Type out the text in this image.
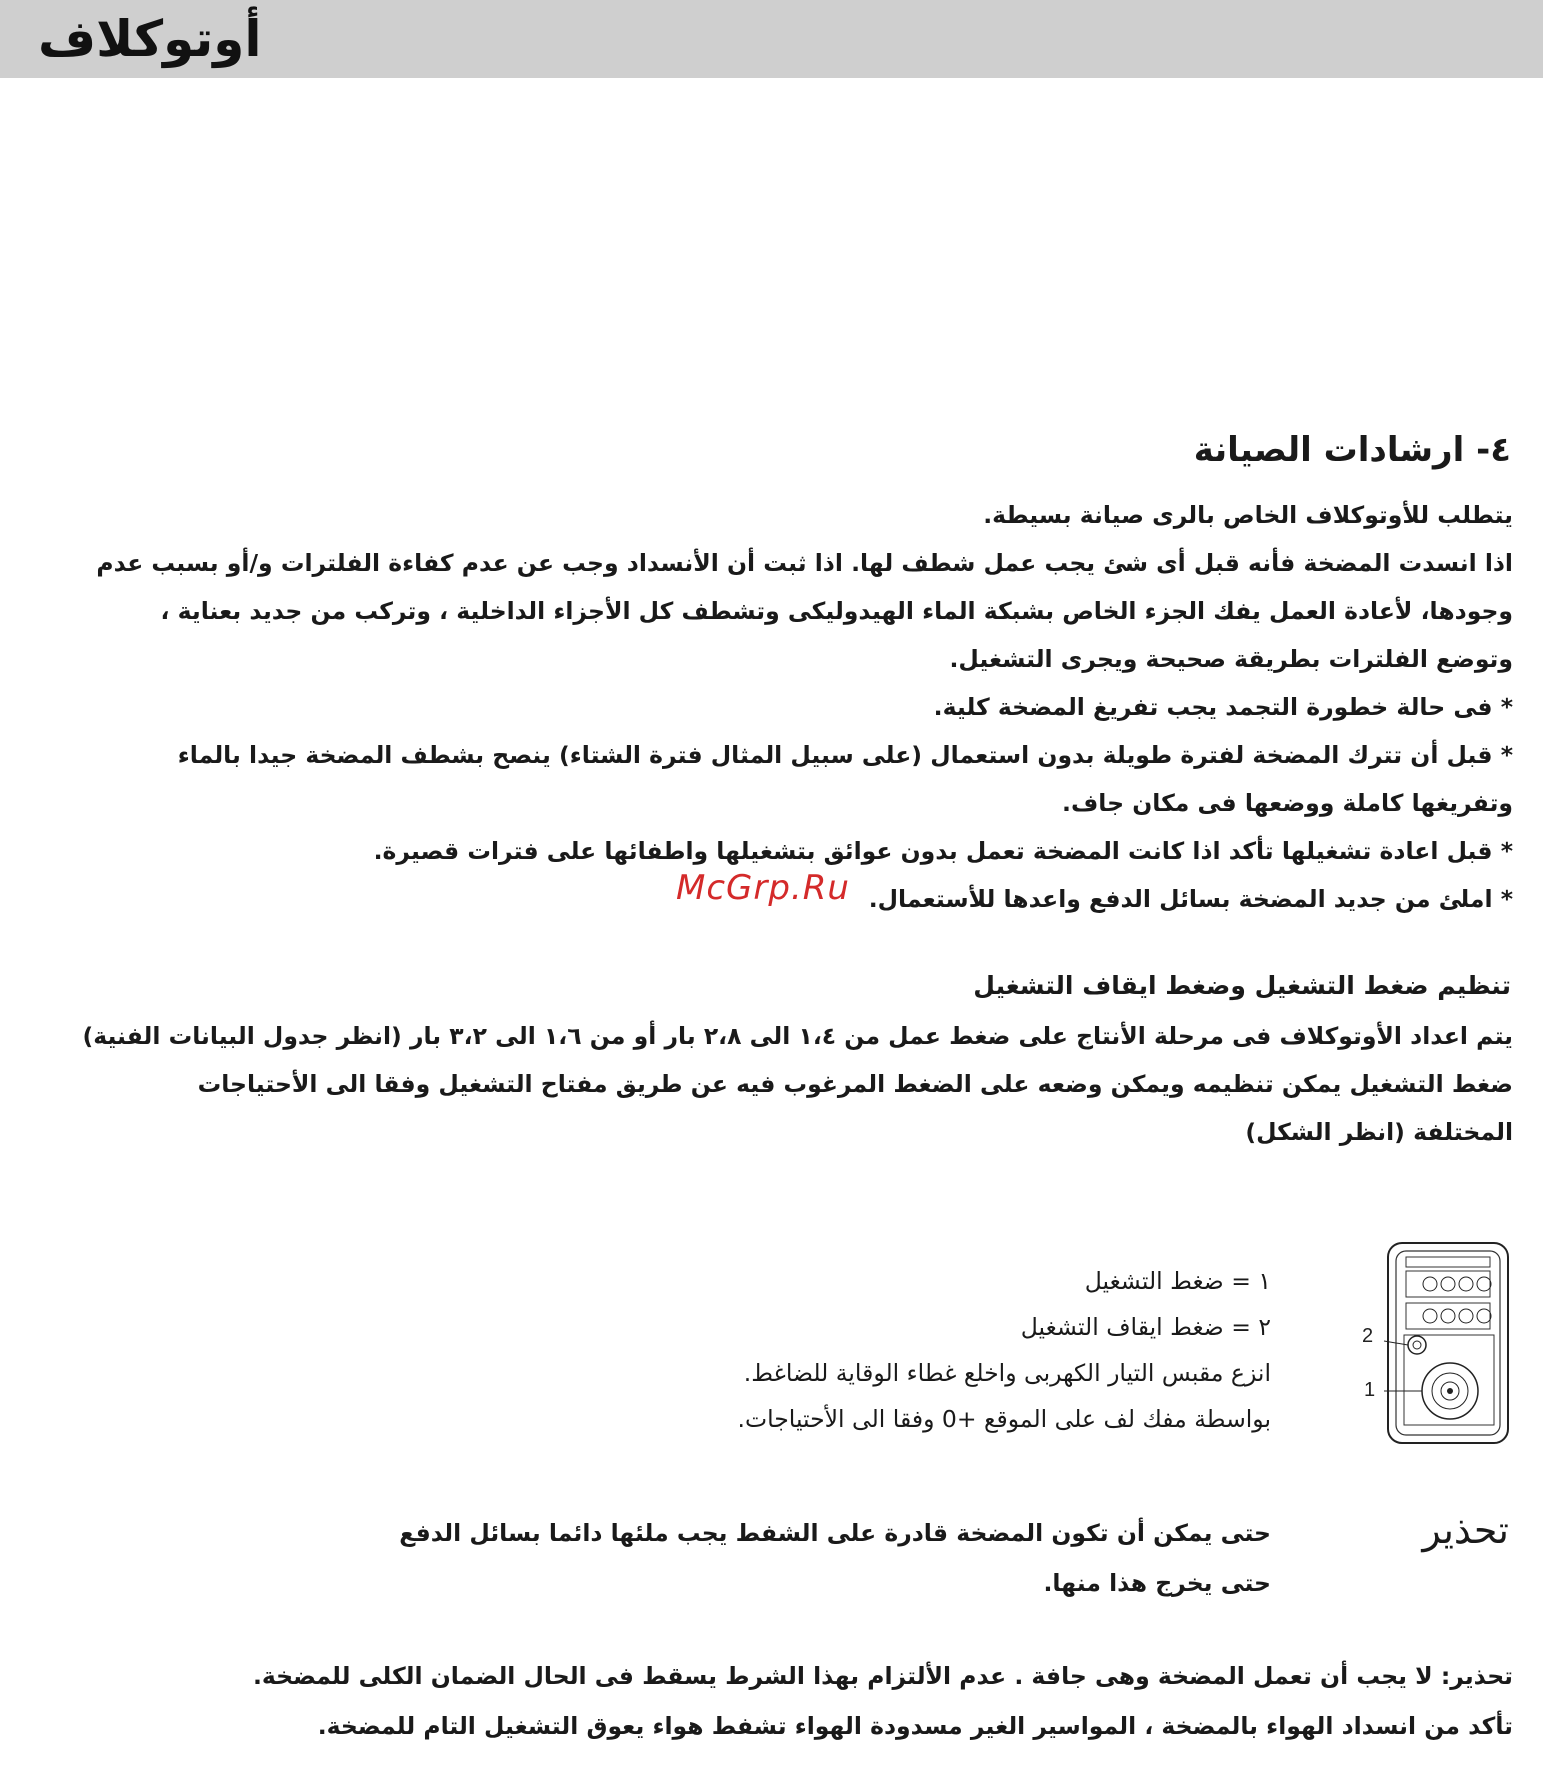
أوتوكلاف
٤- ارشادات الصيانة
يتطلب للأوتوكلاف الخاص بالرى صيانة بسيطة.
اذا انسدت المضخة فأنه قبل أى شئ يجب عمل شطف لها. اذا ثبت أن الأنسداد وجب عن عدم كفاءة الفلترات و/أو بسبب عدم
وجودها، لأعادة العمل يفك الجزء الخاص بشبكة الماء الهيدوليكى وتشطف كل الأجزاء الداخلية ، وتركب من جديد بعناية ،
وتوضع الفلترات بطريقة صحيحة ويجرى التشغيل.
* فى حالة خطورة التجمد يجب تفريغ المضخة كلية.
* قبل أن تترك المضخة لفترة طويلة بدون استعمال (على سبيل المثال فترة الشتاء) ينصح بشطف المضخة جيدا بالماء
وتفريغها كاملة ووضعها فى مكان جاف.
* قبل اعادة تشغيلها تأكد اذا كانت المضخة تعمل بدون عوائق بتشغيلها واطفائها على فترات قصيرة.
* املئ من جديد المضخة بسائل الدفع واعدها للأستعمال.
McGrp.Ru
تنظيم ضغط التشغيل وضغط ايقاف التشغيل
يتم اعداد الأوتوكلاف فى مرحلة الأنتاج على ضغط عمل من ١،٤ الى ٢،٨ بار أو من ١،٦ الى ٣،٢ بار (انظر جدول البيانات الفنية)
ضغط التشغيل يمكن تنظيمه ويمكن وضعه على الضغط المرغوب فيه عن طريق مفتاح التشغيل وفقا الى الأحتياجات
المختلفة (انظر الشكل)
١ = ضغط التشغيل
٢ = ضغط ايقاف التشغيل
انزع مقبس التيار الكهربى واخلع غطاء الوقاية للضاغط.
بواسطة مفك لف على الموقع +0 وفقا الى الأحتياجات.
2
1
تحذير
حتى يمكن أن تكون المضخة قادرة على الشفط يجب ملئها دائما بسائل الدفع
حتى يخرج هذا منها.
تحذير: لا يجب أن تعمل المضخة وهى جافة . عدم الألتزام بهذا الشرط يسقط فى الحال الضمان الكلى للمضخة.
تأكد من انسداد الهواء بالمضخة ، المواسير الغير مسدودة الهواء تشفط هواء يعوق التشغيل التام للمضخة.
